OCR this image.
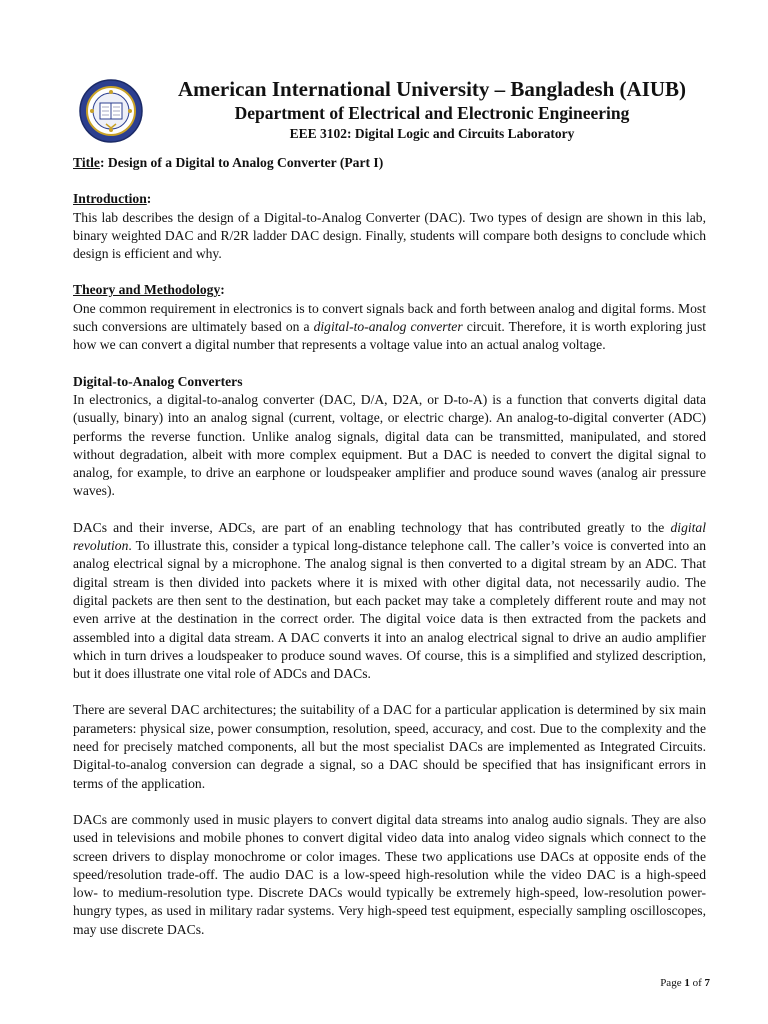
American International University – Bangladesh (AIUB)
Department of Electrical and Electronic Engineering
EEE 3102: Digital Logic and Circuits Laboratory

Title: Design of a Digital to Analog Converter (Part I)

Introduction:

This lab describes the design of a Digital-to-Analog Converter (DAC). Two types of design are shown in this lab, binary weighted DAC and R/2R ladder DAC design. Finally, students will compare both designs to conclude which design is efficient and why.

Theory and Methodology:

One common requirement in electronics is to convert signals back and forth between analog and digital forms. Most such conversions are ultimately based on a digital-to-analog converter circuit. Therefore, it is worth exploring just how we can convert a digital number that represents a voltage value into an actual analog voltage.

Digital-to-Analog Converters

In electronics, a digital-to-analog converter (DAC, D/A, D2A, or D-to-A) is a function that converts digital data (usually, binary) into an analog signal (current, voltage, or electric charge). An analog-to-digital converter (ADC) performs the reverse function. Unlike analog signals, digital data can be transmitted, manipulated, and stored without degradation, albeit with more complex equipment. But a DAC is needed to convert the digital signal to analog, for example, to drive an earphone or loudspeaker amplifier and produce sound waves (analog air pressure waves).

DACs and their inverse, ADCs, are part of an enabling technology that has contributed greatly to the digital revolution. To illustrate this, consider a typical long-distance telephone call. The caller’s voice is converted into an analog electrical signal by a microphone. The analog signal is then converted to a digital stream by an ADC. That digital stream is then divided into packets where it is mixed with other digital data, not necessarily audio. The digital packets are then sent to the destination, but each packet may take a completely different route and may not even arrive at the destination in the correct order. The digital voice data is then extracted from the packets and assembled into a digital data stream. A DAC converts it into an analog electrical signal to drive an audio amplifier which in turn drives a loudspeaker to produce sound waves. Of course, this is a simplified and stylized description, but it does illustrate one vital role of ADCs and DACs.

There are several DAC architectures; the suitability of a DAC for a particular application is determined by six main parameters: physical size, power consumption, resolution, speed, accuracy, and cost. Due to the complexity and the need for precisely matched components, all but the most specialist DACs are implemented as Integrated Circuits. Digital-to-analog conversion can degrade a signal, so a DAC should be specified that has insignificant errors in terms of the application.

DACs are commonly used in music players to convert digital data streams into analog audio signals. They are also used in televisions and mobile phones to convert digital video data into analog video signals which connect to the screen drivers to display monochrome or color images. These two applications use DACs at opposite ends of the speed/resolution trade-off. The audio DAC is a low-speed high-resolution while the video DAC is a high-speed low- to medium-resolution type. Discrete DACs would typically be extremely high-speed, low-resolution power-hungry types, as used in military radar systems. Very high-speed test equipment, especially sampling oscilloscopes, may use discrete DACs.

Page 1 of 7
